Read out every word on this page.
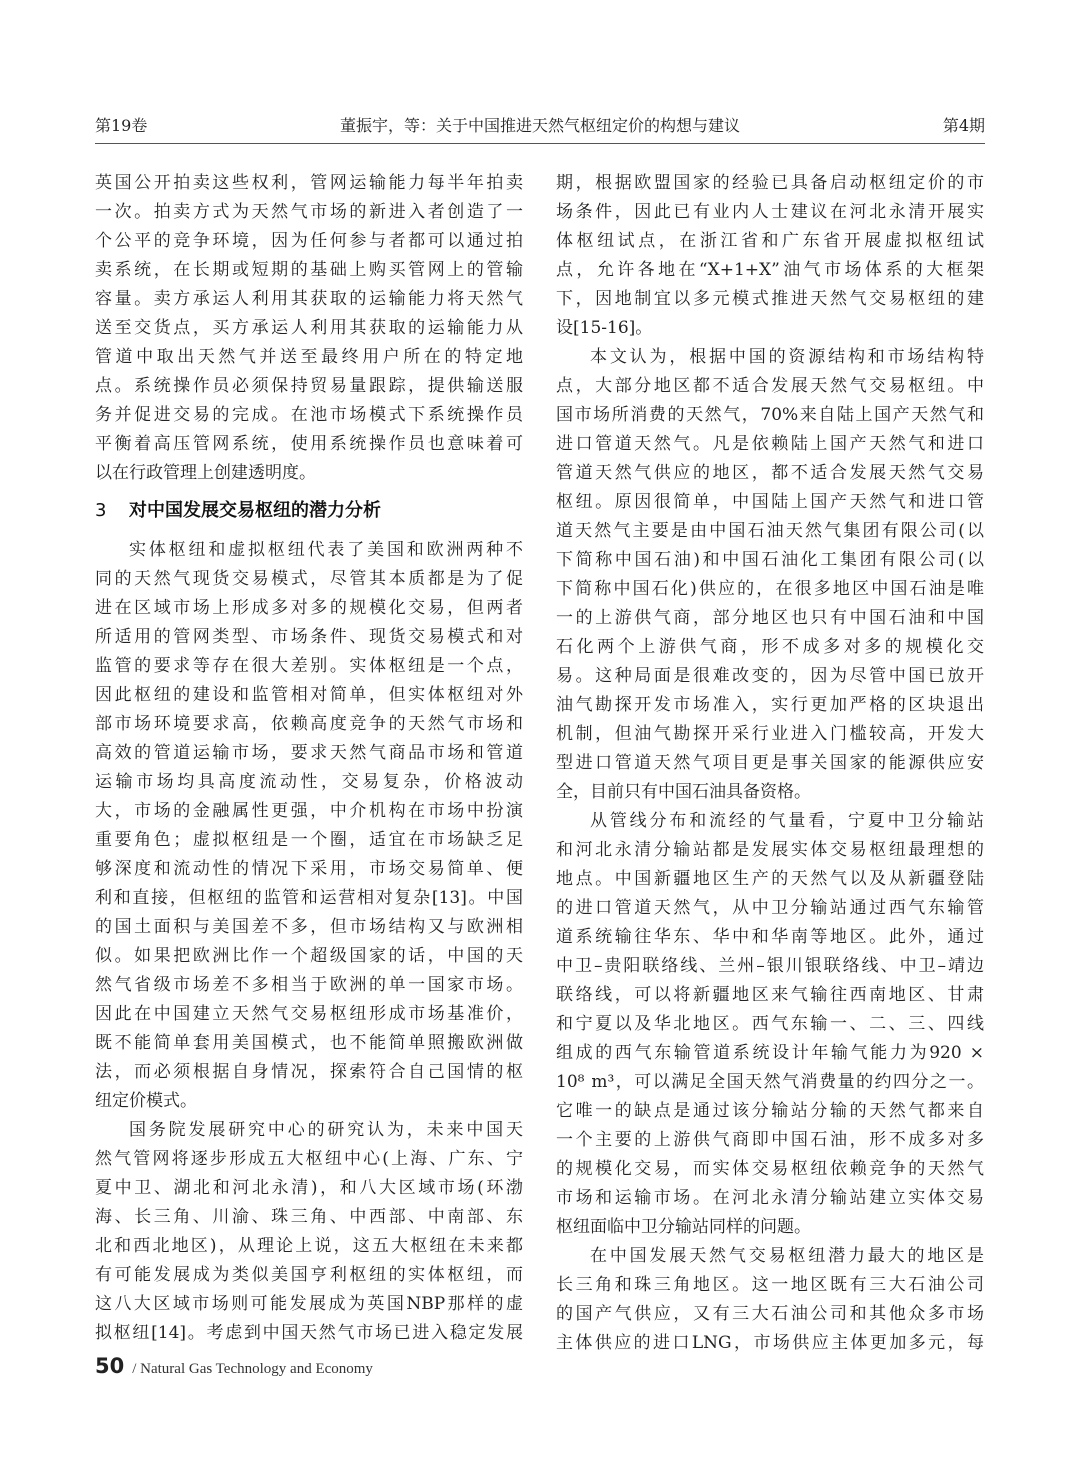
第19卷	董振宇，等：关于中国推进天然气枢纽定价的构想与建议	第4期
英国公开拍卖这些权利，管网运输能力每半年拍卖
一次。拍卖方式为天然气市场的新进入者创造了一
个公平的竞争环境，因为任何参与者都可以通过拍
卖系统，在长期或短期的基础上购买管网上的管输
容量。卖方承运人利用其获取的运输能力将天然气
送至交货点，买方承运人利用其获取的运输能力从
管道中取出天然气并送至最终用户所在的特定地
点。系统操作员必须保持贸易量跟踪，提供输送服
务并促进交易的完成。在池市场模式下系统操作员
平衡着高压管网系统，使用系统操作员也意味着可
以在行政管理上创建透明度。
3 对中国发展交易枢纽的潜力分析
实体枢纽和虚拟枢纽代表了美国和欧洲两种不
同的天然气现货交易模式，尽管其本质都是为了促
进在区域市场上形成多对多的规模化交易，但两者
所适用的管网类型、市场条件、现货交易模式和对
监管的要求等存在很大差别。实体枢纽是一个点，
因此枢纽的建设和监管相对简单，但实体枢纽对外
部市场环境要求高，依赖高度竞争的天然气市场和
高效的管道运输市场，要求天然气商品市场和管道
运输市场均具高度流动性，交易复杂，价格波动
大，市场的金融属性更强，中介机构在市场中扮演
重要角色；虚拟枢纽是一个圈，适宜在市场缺乏足
够深度和流动性的情况下采用，市场交易简单、便
利和直接，但枢纽的监管和运营相对复杂[13]。中国
的国土面积与美国差不多，但市场结构又与欧洲相
似。如果把欧洲比作一个超级国家的话，中国的天
然气省级市场差不多相当于欧洲的单一国家市场。
因此在中国建立天然气交易枢纽形成市场基准价，
既不能简单套用美国模式，也不能简单照搬欧洲做
法，而必须根据自身情况，探索符合自己国情的枢
纽定价模式。
国务院发展研究中心的研究认为，未来中国天
然气管网将逐步形成五大枢纽中心(上海、广东、宁
夏中卫、湖北和河北永清)，和八大区域市场(环渤
海、长三角、川渝、珠三角、中西部、中南部、东
北和西北地区)，从理论上说，这五大枢纽在未来都
有可能发展成为类似美国亨利枢纽的实体枢纽，而
这八大区域市场则可能发展成为英国NBP那样的虚
拟枢纽[14]。考虑到中国天然气市场已进入稳定发展
期，根据欧盟国家的经验已具备启动枢纽定价的市
场条件，因此已有业内人士建议在河北永清开展实
体枢纽试点，在浙江省和广东省开展虚拟枢纽试
点，允许各地在“X+1+X”油气市场体系的大框架
下，因地制宜以多元模式推进天然气交易枢纽的建
设[15-16]。
本文认为，根据中国的资源结构和市场结构特
点，大部分地区都不适合发展天然气交易枢纽。中
国市场所消费的天然气，70%来自陆上国产天然气和
进口管道天然气。凡是依赖陆上国产天然气和进口
管道天然气供应的地区，都不适合发展天然气交易
枢纽。原因很简单，中国陆上国产天然气和进口管
道天然气主要是由中国石油天然气集团有限公司(以
下简称中国石油)和中国石油化工集团有限公司(以
下简称中国石化)供应的，在很多地区中国石油是唯
一的上游供气商，部分地区也只有中国石油和中国
石化两个上游供气商，形不成多对多的规模化交
易。这种局面是很难改变的，因为尽管中国已放开
油气勘探开发市场准入，实行更加严格的区块退出
机制，但油气勘探开采行业进入门槛较高，开发大
型进口管道天然气项目更是事关国家的能源供应安
全，目前只有中国石油具备资格。
从管线分布和流经的气量看，宁夏中卫分输站
和河北永清分输站都是发展实体交易枢纽最理想的
地点。中国新疆地区生产的天然气以及从新疆登陆
的进口管道天然气，从中卫分输站通过西气东输管
道系统输往华东、华中和华南等地区。此外，通过
中卫–贵阳联络线、兰州–银川银联络线、中卫–靖边
联络线，可以将新疆地区来气输往西南地区、甘肃
和宁夏以及华北地区。西气东输一、二、三、四线
组成的西气东输管道系统设计年输气能力为920 ×
10⁸ m³，可以满足全国天然气消费量的约四分之一。
它唯一的缺点是通过该分输站分输的天然气都来自
一个主要的上游供气商即中国石油，形不成多对多
的规模化交易，而实体交易枢纽依赖竞争的天然气
市场和运输市场。在河北永清分输站建立实体交易
枢纽面临中卫分输站同样的问题。
在中国发展天然气交易枢纽潜力最大的地区是
长三角和珠三角地区。这一地区既有三大石油公司
的国产气供应，又有三大石油公司和其他众多市场
主体供应的进口LNG，市场供应主体更加多元，每
50 / Natural Gas Technology and Economy
